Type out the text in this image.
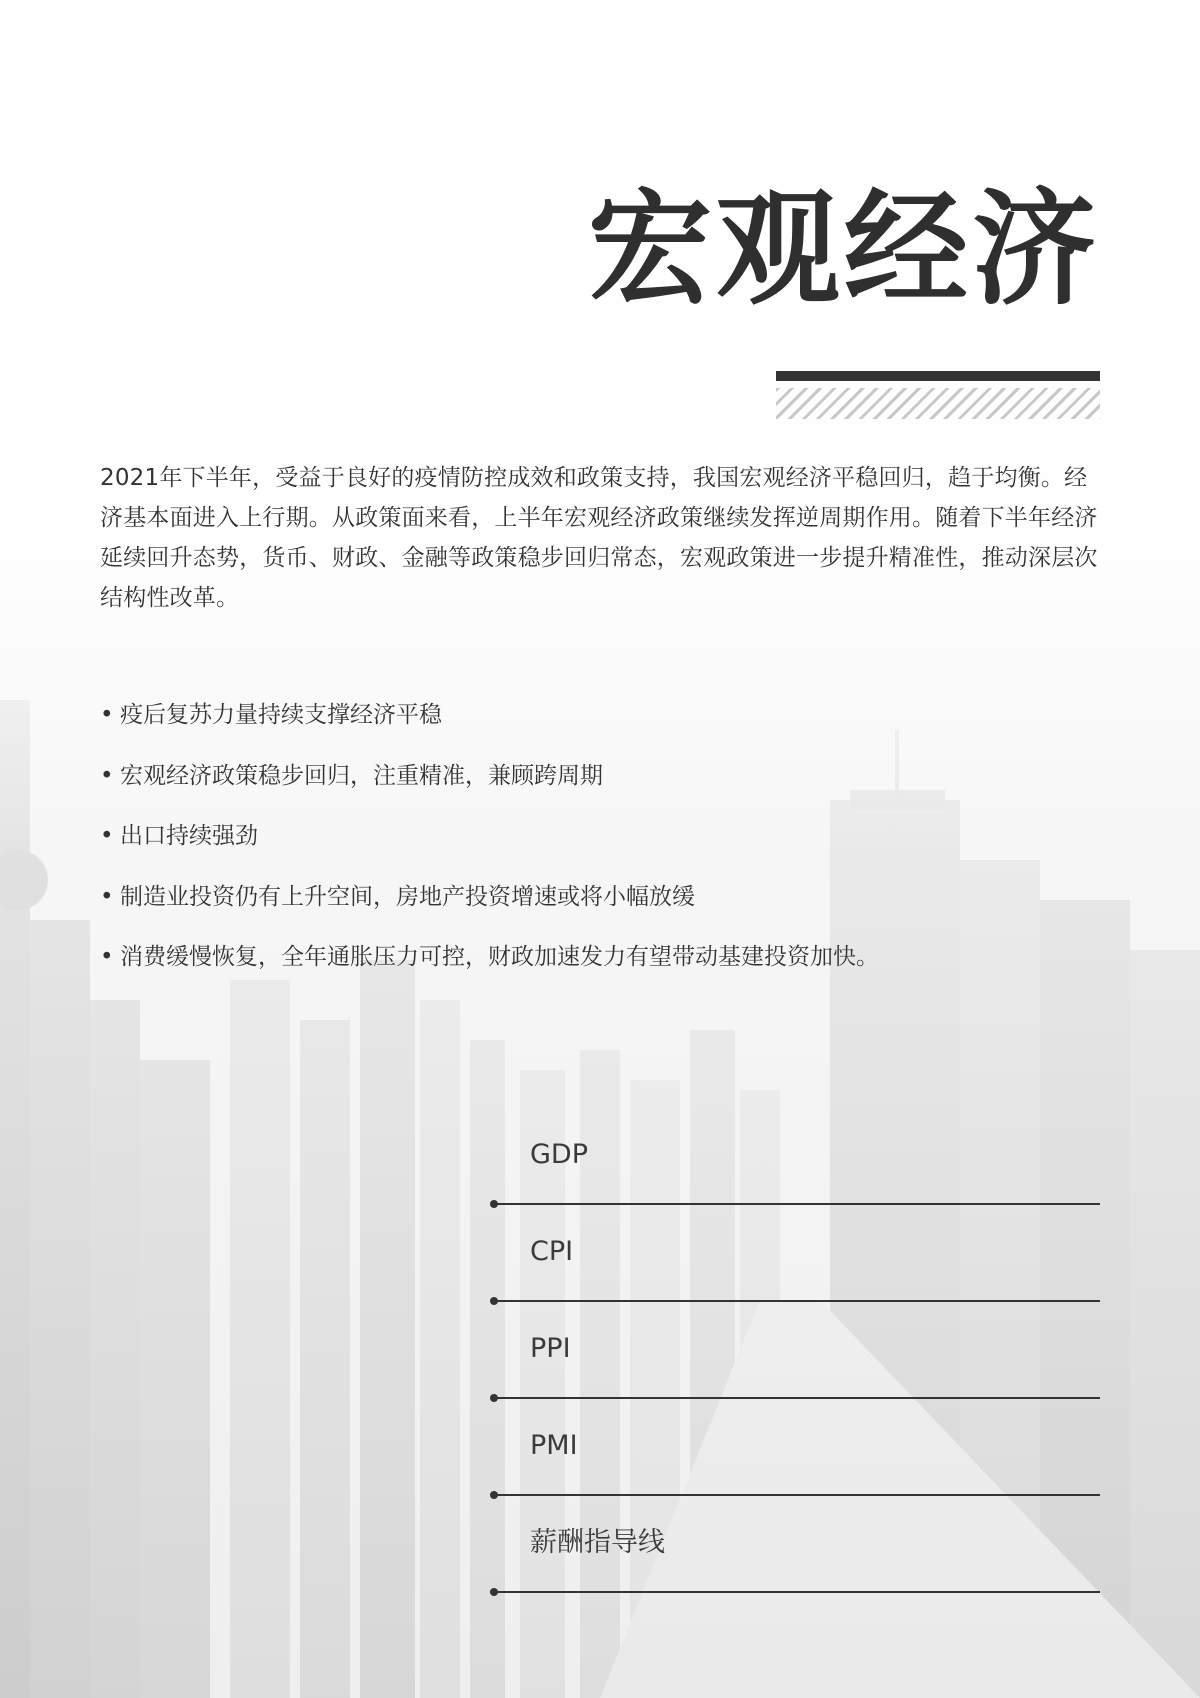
宏观经济

2021年下半年，受益于良好的疫情防控成效和政策支持，我国宏观经济平稳回归，趋于均衡。经济基本面进入上行期。从政策面来看，上半年宏观经济政策继续发挥逆周期作用。随着下半年经济延续回升态势，货币、财政、金融等政策稳步回归常态，宏观政策进一步提升精准性，推动深层次结构性改革。

• 疫后复苏力量持续支撑经济平稳
• 宏观经济政策稳步回归，注重精准，兼顾跨周期
• 出口持续强劲
• 制造业投资仍有上升空间，房地产投资增速或将小幅放缓
• 消费缓慢恢复，全年通胀压力可控，财政加速发力有望带动基建投资加快。
GDP
CPI
PPI
PMI
薪酬指导线
